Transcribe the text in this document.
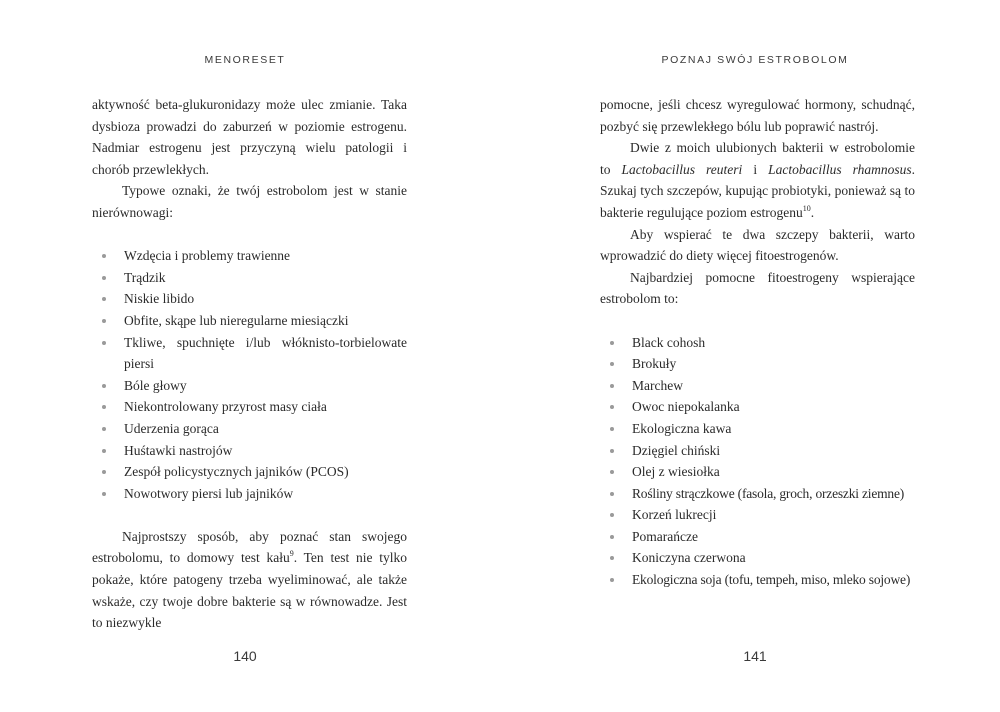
MENORESET

aktywność beta-glukuronidazy może ulec zmianie. Taka dysbioza prowadzi do zaburzeń w poziomie estrogenu. Nadmiar estrogenu jest przyczyną wielu patologii i chorób przewlekłych.

Typowe oznaki, że twój estrobolom jest w stanie nierównowagi:

Wzdęcia i problemy trawienne
Trądzik
Niskie libido
Obfite, skąpe lub nieregularne miesiączki
Tkliwe, spuchnięte i/lub włóknisto-torbielowate piersi
Bóle głowy
Niekontrolowany przyrost masy ciała
Uderzenia gorąca
Huśtawki nastrojów
Zespół policystycznych jajników (PCOS)
Nowotwory piersi lub jajników

Najprostszy sposób, aby poznać stan swojego estrobolomu, to domowy test kału$^9$. Ten test nie tylko pokaże, które patogeny trzeba wyeliminować, ale także wskaże, czy twoje dobre bakterie są w równowadze. Jest to niezwykle

140
POZNAJ SWÓJ ESTROBOLOM

pomocne, jeśli chcesz wyregulować hormony, schudnąć, pozbyć się przewlekłego bólu lub poprawić nastrój.

Dwie z moich ulubionych bakterii w estrobolomie to Lactobacillus reuteri i Lactobacillus rhamnosus. Szukaj tych szczepów, kupując probiotyki, ponieważ są to bakterie regulujące poziom estrogenu$^{10}$.

Aby wspierać te dwa szczepy bakterii, warto wprowadzić do diety więcej fitoestrogenów.

Najbardziej pomocne fitoestrogeny wspierające estrobolom to:

Black cohosh
Brokuły
Marchew
Owoc niepokalanka
Ekologiczna kawa
Dzięgiel chiński
Olej z wiesiołka
Rośliny strączkowe (fasola, groch, orzeszki ziemne)
Korzeń lukrecji
Pomarańcze
Koniczyna czerwona
Ekologiczna soja (tofu, tempeh, miso, mleko sojowe)
141
